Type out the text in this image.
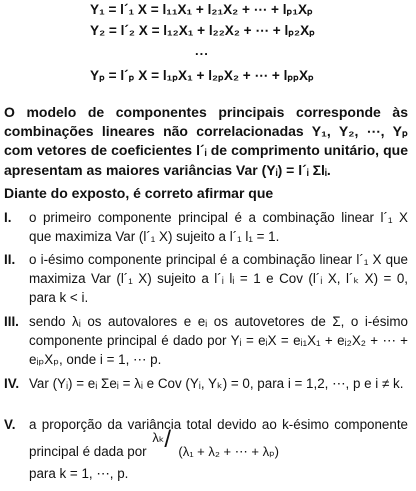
Y₁ = l´₁ X = l₁₁X₁ + l₂₁X₂ + ⋯ + lₚ₁Xₚ
Y₂ = l´₂ X = l₁₂X₁ + l₂₂X₂ + ⋯ + lₚ₂Xₚ
...
Yₚ = l´ₚ X = l₁ₚX₁ + l₂ₚX₂ + ⋯ + lₚₚXₚ
O modelo de componentes principais corresponde às combinações lineares não correlacionadas Y₁, Y₂, ⋯, Yₚ com vetores de coeficientes l´ᵢ de comprimento unitário, que apresentam as maiores variâncias Var (Yᵢ) = l´ᵢ Σlᵢ.
Diante do exposto, é correto afirmar que
I. o primeiro componente principal é a combinação linear l´₁ X que maximiza Var (l´₁ X) sujeito a l´₁ l₁ = 1.
II. o i-ésimo componente principal é a combinação linear l´₁ X que maximiza Var (l´₁ X) sujeito a l´ᵢ lᵢ = 1 e Cov (l´ᵢ X, l´ₖ X) = 0, para k < i.
III. sendo λᵢ os autovalores e eᵢ os autovetores de Σ, o i-ésimo componente principal é dado por Yᵢ = eᵢX = eᵢ₁X₁ + eᵢ₂X₂ + ⋯ + eᵢₚXₚ, onde i = 1, ⋯ p.
IV. Var (Yᵢ) = eᵢ Σeᵢ = λᵢ e Cov (Yᵢ, Yₖ) = 0, para i = 1,2, ⋯, p e i ≠ k.
V. a proporção da variância total devido ao k-ésimo componente principal é dada por
λₖ / (λ₁ + λ₂ + ⋯ + λₚ)

para k = 1, ⋯, p.
